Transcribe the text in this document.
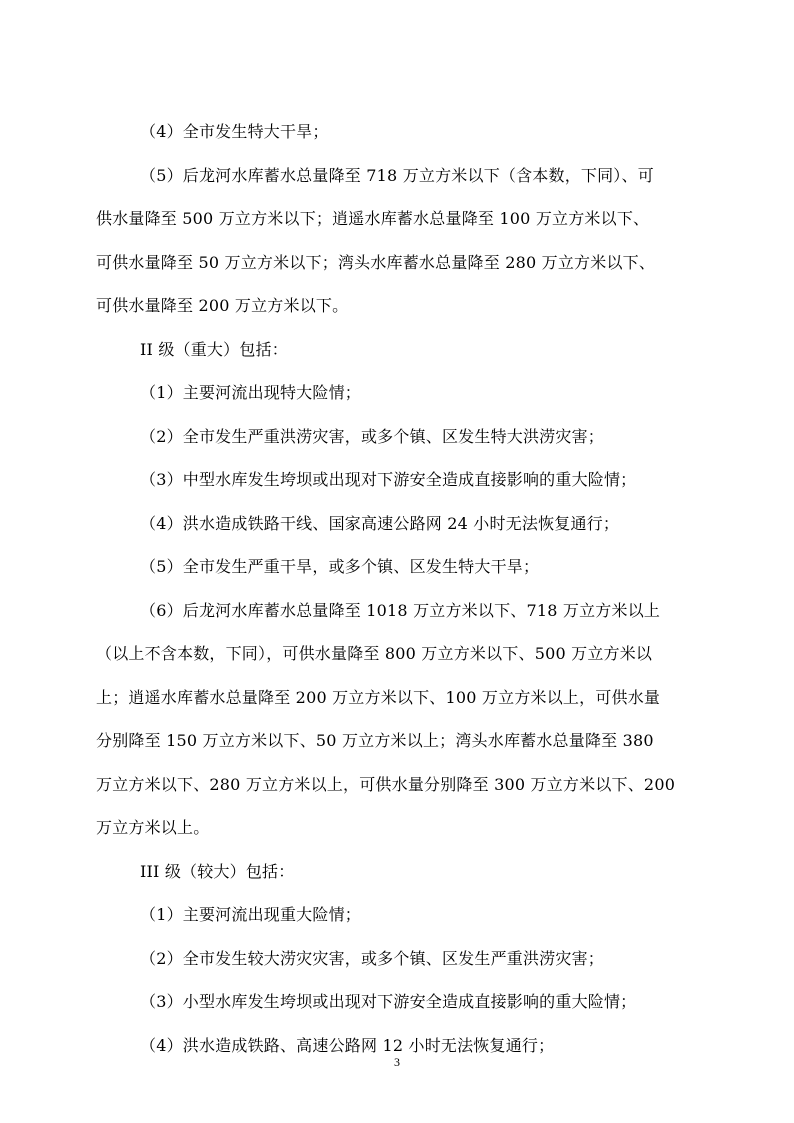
（4）全市发生特大干旱；

（5）后龙河水库蓄水总量降至 718 万立方米以下（含本数，下同）、可
供水量降至 500 万立方米以下；逍遥水库蓄水总量降至 100 万立方米以下、
可供水量降至 50 万立方米以下；湾头水库蓄水总量降至 280 万立方米以下、
可供水量降至 200 万立方米以下。

II 级（重大）包括：

（1）主要河流出现特大险情；

（2）全市发生严重洪涝灾害，或多个镇、区发生特大洪涝灾害；

（3）中型水库发生垮坝或出现对下游安全造成直接影响的重大险情；

（4）洪水造成铁路干线、国家高速公路网 24 小时无法恢复通行；

（5）全市发生严重干旱，或多个镇、区发生特大干旱；

（6）后龙河水库蓄水总量降至 1018 万立方米以下、718 万立方米以上
（以上不含本数，下同），可供水量降至 800 万立方米以下、500 万立方米以
上；逍遥水库蓄水总量降至 200 万立方米以下、100 万立方米以上，可供水量
分别降至 150 万立方米以下、50 万立方米以上；湾头水库蓄水总量降至 380
万立方米以下、280 万立方米以上，可供水量分别降至 300 万立方米以下、200
万立方米以上。

III 级（较大）包括：

（1）主要河流出现重大险情；

（2）全市发生较大涝灾灾害，或多个镇、区发生严重洪涝灾害；

（3）小型水库发生垮坝或出现对下游安全造成直接影响的重大险情；

（4）洪水造成铁路、高速公路网 12 小时无法恢复通行；

3
